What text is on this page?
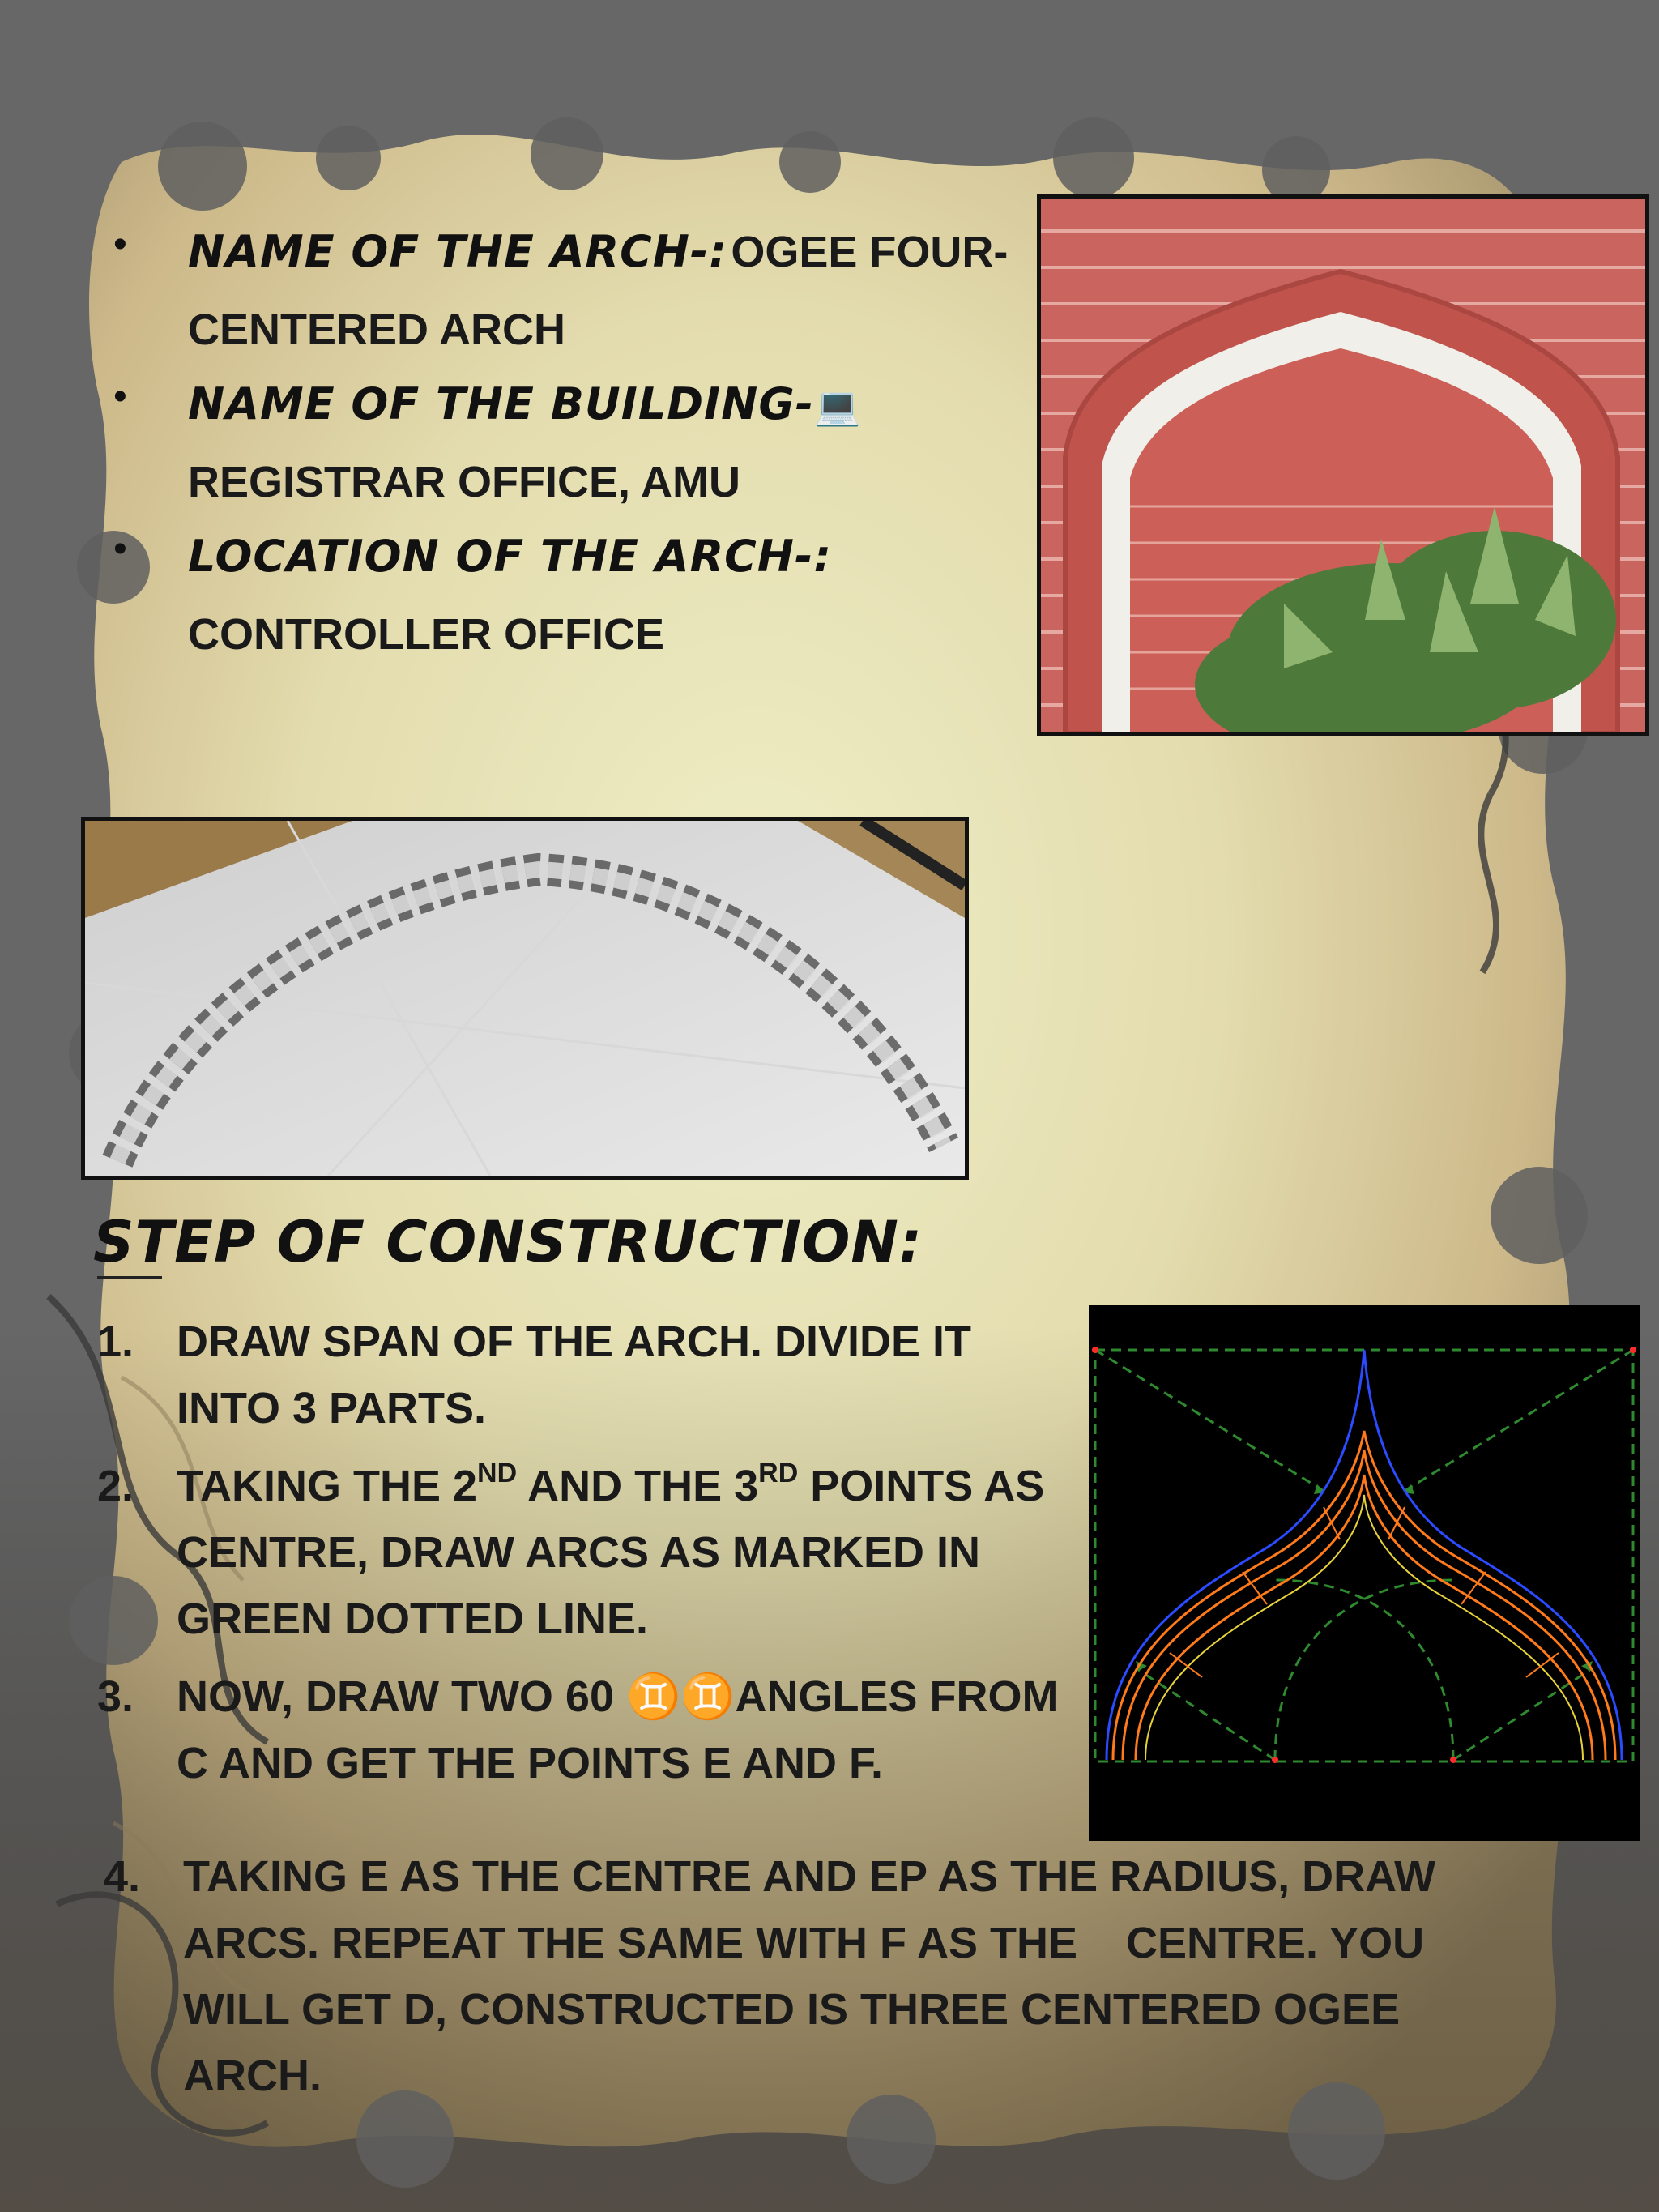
• NAME OF THE ARCH-: OGEE FOUR-
CENTERED ARCH
• NAME OF THE BUILDING-💻
REGISTRAR OFFICE, AMU
• LOCATION OF THE ARCH-:
CONTROLLER OFFICE
STEP OF CONSTRUCTION:
1. DRAW SPAN OF THE ARCH. DIVIDE IT
INTO 3 PARTS.
2. TAKING THE 2ND AND THE 3RD POINTS AS
CENTRE, DRAW ARCS AS MARKED IN
GREEN DOTTED LINE.
3. NOW, DRAW TWO 60 ♊♊ANGLES FROM
C AND GET THE POINTS E AND F.
4. TAKING E AS THE CENTRE AND EP AS THE RADIUS, DRAW
ARCS. REPEAT THE SAME WITH F AS THE    CENTRE. YOU
WILL GET D, CONSTRUCTED IS THREE CENTERED OGEE
ARCH.
